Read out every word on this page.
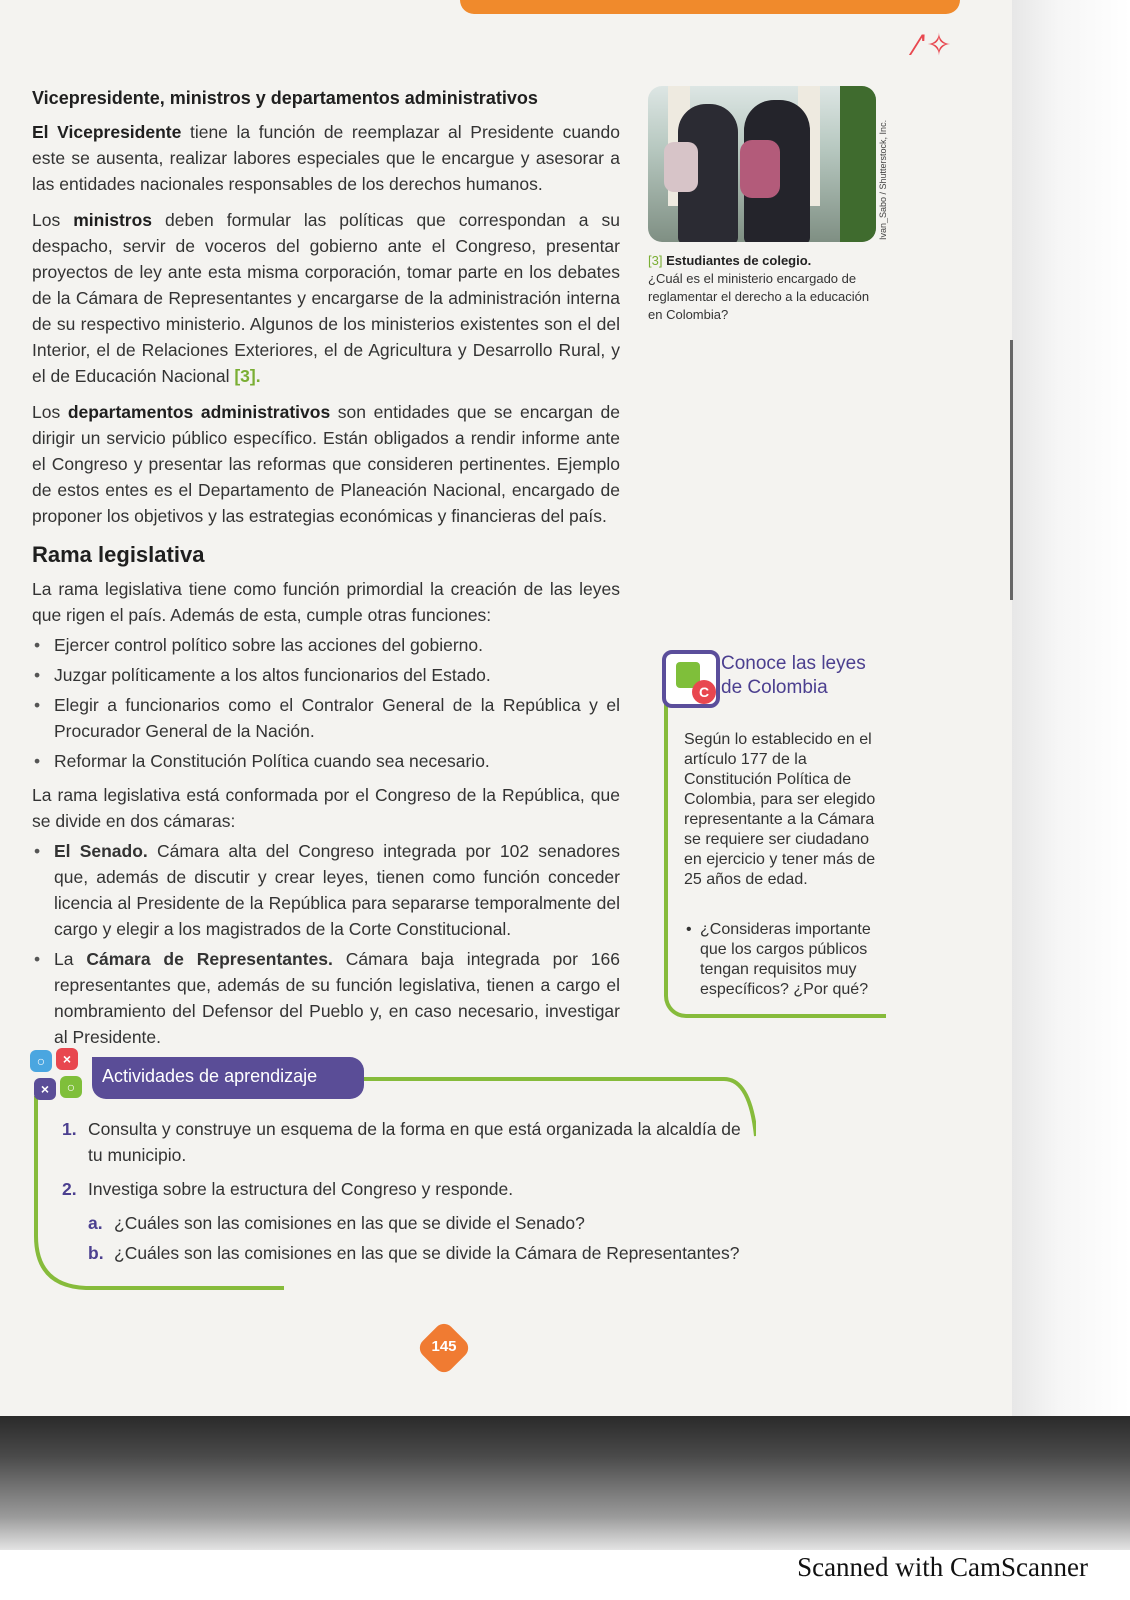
⁄ ' ✧
Vicepresidente, ministros y departamentos administrativos

El Vicepresidente tiene la función de reemplazar al Presidente cuando este se ausenta, realizar labores especiales que le encargue y asesorar a las entidades nacionales responsables de los derechos humanos.

Los ministros deben formular las políticas que correspondan a su despacho, servir de voceros del gobierno ante el Congreso, presentar proyectos de ley ante esta misma corporación, tomar parte en los debates de la Cámara de Representantes y encargarse de la administración interna de su respectivo ministerio. Algunos de los ministerios existentes son el del Interior, el de Relaciones Exteriores, el de Agricultura y Desarrollo Rural, y el de Educación Nacional [3].

Los departamentos administrativos son entidades que se encargan de dirigir un servicio público específico. Están obligados a rendir informe ante el Congreso y presentar las reformas que consideren pertinentes. Ejemplo de estos entes es el Departamento de Planeación Nacional, encargado de proponer los objetivos y las estrategias económicas y financieras del país.

Rama legislativa

La rama legislativa tiene como función primordial la creación de las leyes que rigen el país. Además de esta, cumple otras funciones:

• Ejercer control político sobre las acciones del gobierno.
• Juzgar políticamente a los altos funcionarios del Estado.
• Elegir a funcionarios como el Contralor General de la República y el Procurador General de la Nación.
• Reformar la Constitución Política cuando sea necesario.

La rama legislativa está conformada por el Congreso de la República, que se divide en dos cámaras:

• El Senado. Cámara alta del Congreso integrada por 102 senadores que, además de discutir y crear leyes, tienen como función conceder licencia al Presidente de la República para separarse temporalmente del cargo y elegir a los magistrados de la Corte Constitucional.
• La Cámara de Representantes. Cámara baja integrada por 166 representantes que, además de su función legislativa, tienen a cargo el nombramiento del Defensor del Pueblo y, en caso necesario, investigar al Presidente.
Ivan_Sabo / Shutterstock, Inc.
[3] Estudiantes de colegio.
¿Cuál es el ministerio encargado de reglamentar el derecho a la educación en Colombia?
C
Conoce las leyes de Colombia
Según lo establecido en el artículo 177 de la Constitución Política de Colombia, para ser elegido representante a la Cámara se requiere ser ciudadano en ejercicio y tener más de 25 años de edad.
• ¿Consideras importante que los cargos públicos tengan requisitos muy específicos? ¿Por qué?
○	×
×	○
Actividades de aprendizaje
1. Consulta y construye un esquema de la forma en que está organizada la alcaldía de tu municipio.
2. Investiga sobre la estructura del Congreso y responde.
a. ¿Cuáles son las comisiones en las que se divide el Senado?
b. ¿Cuáles son las comisiones en las que se divide la Cámara de Representantes?
145
Scanned with CamScanner
